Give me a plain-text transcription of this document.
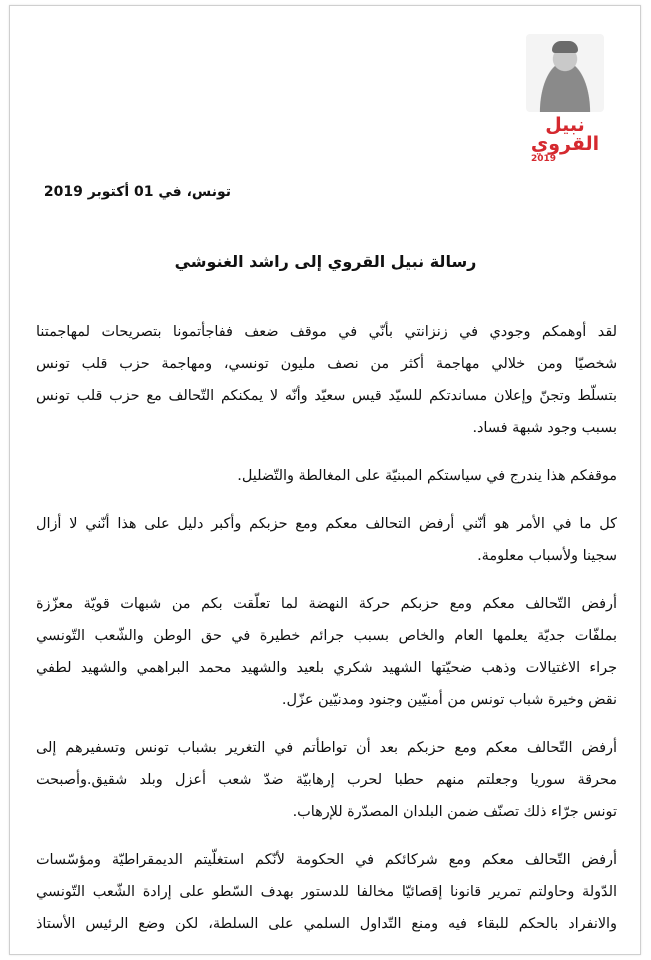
نبيل القروي
2019
تونس، في 01 أكتوبر 2019
رسالة نبيل القروي إلى راشد الغنوشي
لقد أوهمكم وجودي في زنزانتي بأنّي في موقف ضعف ففاجأتمونا بتصريحات لمهاجمتنا
شخصيّا ومن خلالي مهاجمة أكثر من نصف مليون تونسي، ومهاجمة حزب قلب تونس
بتسلّط وتجنّ وإعلان مساندتكم للسيّد قيس سعيّد وأنّه لا يمكنكم التّحالف مع حزب قلب تونس
بسبب وجود شبهة فساد.
موقفكم هذا يندرج في سياستكم المبنيّة على المغالطة والتّضليل.
كل ما في الأمر هو أنّني أرفض التحالف معكم ومع حزبكم وأكبر دليل على هذا أنّني لا أزال
سجينا ولأسباب معلومة.
أرفض التّحالف معكم ومع حزبكم حركة النهضة لما تعلّقت بكم من شبهات قويّة معزّزة
بملفّات جديّة يعلمها العام والخاص بسبب جرائم خطيرة في حق الوطن والشّعب التّونسي
جراء الاغتيالات وذهب ضحيّتها الشهيد شكري بلعيد والشهيد محمد البراهمي والشهيد لطفي
نقض وخيرة شباب تونس من أمنيّين وجنود ومدنيّين عزّل.
أرفض التّحالف معكم ومع حزبكم بعد أن تواطأتم في التغرير بشباب تونس وتسفيرهم إلى
محرقة سوريا وجعلتم منهم حطبا لحرب إرهابيّة ضدّ شعب أعزل وبلد شقيق.وأصبحت
تونس جرّاء ذلك تصنّف ضمن البلدان المصدّرة للإرهاب.
أرفض التّحالف معكم ومع شركائكم في الحكومة لأنّكم استغلّيتم الديمقراطيّة ومؤسّسات
الدّولة وحاولتم تمرير قانونا إقصائيّا مخالفا للدستور بهدف السّطو على إرادة الشّعب التّونسي
والانفراد بالحكم للبقاء فيه ومنع التّداول السلمي على السلطة، لكن وضع الرئيس الأستاذ
